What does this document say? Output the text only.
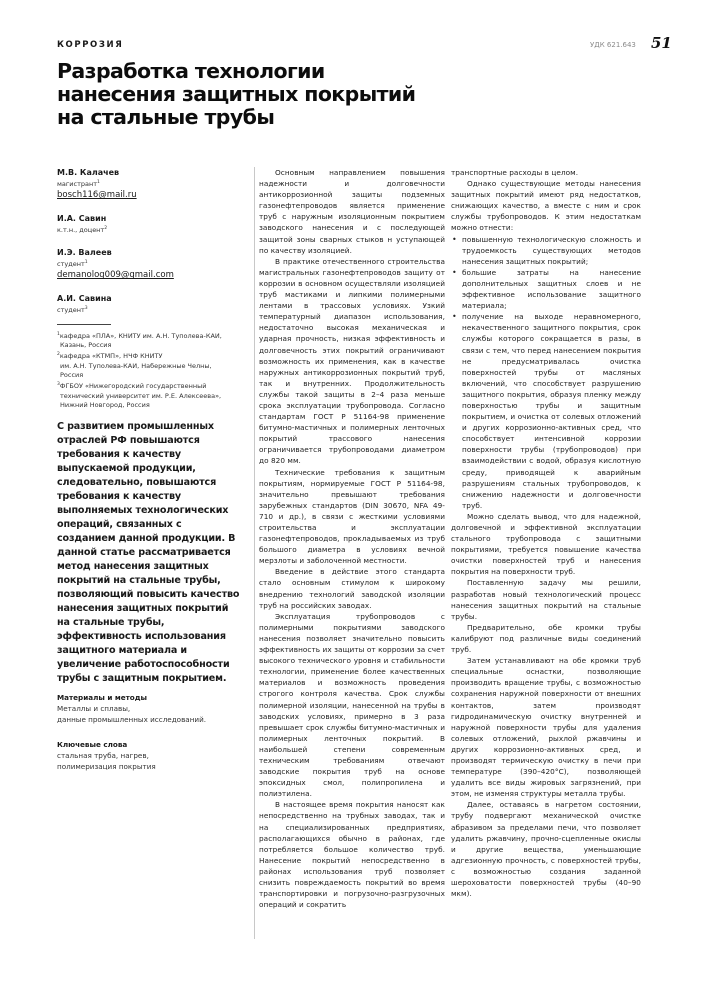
КОРРОЗИЯ	УДК 621.643 51
Разработка технологии
нанесения защитных покрытий
на стальные трубы
М.В. Калачев
магистрант$^1$
bosch116@mail.ru
И.А. Савин
к.т.н., доцент$^2$
И.Э. Валеев
студент$^1$
demanolog009@gmail.com
А.И. Савина
студент$^3$
$^1$кафедра «ПЛА», КНИТУ им. А.Н. Туполева-КАИ,
Казань, Россия
$^2$кафедра «КТМП», НЧФ КНИТУ
им. А.Н. Туполева-КАИ, Набережные Челны,
Россия
$^3$ФГБОУ «Нижегородский государственный
технический университет им. Р.Е. Алексеева»,
Нижний Новгород, Россия
С развитием промышленных отраслей РФ повышаются требования к качеству выпускаемой продукции, следовательно, повышаются требования к качеству выполняемых технологических операций, связанных с созданием данной продукции. В данной статье рассматривается метод нанесения защитных покрытий на стальные трубы, позволяющий повысить качество нанесения защитных покрытий на стальные трубы, эффективность использования защитного материала и увеличение работоспособности трубы с защитным покрытием.
Материалы и методы
Металлы и сплавы,
данные промышленных исследований.
Ключевые слова
стальная труба, нагрев,
полимеризация покрытия

Основным направлением повышения надежности и долговечности антикоррозионной защиты подземных газонефтепроводов является применение труб с наружным изоляционным покрытием заводского нанесения и с последующей защитой зоны сварных стыков н уступающей по качеству изоляцией.

В практике отечественного строительства магистральных газонефтепроводов защиту от коррозии в основном осуществляли изоляцией труб мастиками и липкими полимерными лентами в трассовых условиях. Узкий температурный диапазон использования, недостаточно высокая механическая и ударная прочность, низкая эффективность и долговечность этих покрытий ограничивают возможность их применения, как в качестве наружных антикоррозионных покрытий труб, так и внутренних. Продолжительность службы такой защиты в 2–4 раза меньше срока эксплуатации трубопровода. Согласно стандартам ГОСТ Р 51164-98 применение битумно-мастичных и полимерных ленточных покрытий трассового нанесения ограничивается трубопроводами диаметром до 820 мм.

Технические требования к защитным покрытиям, нормируемые ГОСТ Р 51164-98, значительно превышают требования зарубежных стандартов (DIN 30670, NFA 49-710 и др.), в связи с жесткими условиями строительства и эксплуатации газонефтепроводов, прокладываемых из труб большого диаметра в условиях вечной мерзлоты и заболоченной местности.

Введение в действие этого стандарта стало основным стимулом к широкому внедрению технологий заводской изоляции труб на российских заводах.

Эксплуатация трубопроводов с полимерными покрытиями заводского нанесения позволяет значительно повысить эффективность их защиты от коррозии за счет высокого технического уровня и стабильности технологии, применение более качественных материалов и возможность проведения строгого контроля качества. Срок службы полимерной изоляции, нанесенной на трубы в заводских условиях, примерно в 3 раза превышает срок службы битумно-мастичных и полимерных ленточных покрытий. В наибольшей степени современным техническим требованиям отвечают заводские покрытия труб на основе эпоксидных смол, полипропилена и полиэтилена.

В настоящее время покрытия наносят как непосредственно на трубных заводах, так и на специализированных предприятиях, располагающихся обычно в районах, где потребляется большое количество труб. Нанесение покрытий непосредственно в районах использования труб позволяет снизить повреждаемость покрытий во время транспортировки и погрузочно-разгрузочных операций и сократить

транспортные расходы в целом.

Однако существующие методы нанесения защитных покрытий имеют ряд недостатков, снижающих качество, а вместе с ним и срок службы трубопроводов. К этим недостаткам можно отнести:

• повышенную технологическую сложность и трудоемкость существующих методов нанесения защитных покрытий;
• большие затраты на нанесение дополнительных защитных слоев и не эффективное использование защитного материала;
• получение на выходе неравномерного, некачественного защитного покрытия, срок службы которого сокращается в разы, в связи с тем, что перед нанесением покрытия не предусматривалась очистка поверхностей трубы от масляных включений, что способствует разрушению защитного покрытия, образуя пленку между поверхностью трубы и защитным покрытием, и очистка от солевых отложений и других коррозионно-активных сред, что способствует интенсивной коррозии поверхности трубы (трубопроводов) при взаимодействии с водой, образуя кислотную среду, приводящей к аварийным разрушениям стальных трубопроводов, к снижению надежности и долговечности труб.

Можно сделать вывод, что для надежной, долговечной и эффективной эксплуатации стального трубопровода с защитными покрытиями, требуется повышение качества очистки поверхностей труб и нанесения покрытия на поверхности труб.

Поставленную задачу мы решили, разработав новый технологический процесс нанесения защитных покрытий на стальные трубы.

Предварительно, обе кромки трубы калибруют под различные виды соединений труб.

Затем устанавливают на обе кромки труб специальные оснастки, позволяющие производить вращение трубы, с возможностью сохранения наружной поверхности от внешних контактов, затем производят гидродинамическую очистку внутренней и наружной поверхности трубы для удаления солевых отложений, рыхлой ржавчины и других коррозионно-активных сред, и производят термическую очистку в печи при температуре (390–420°С), позволяющей удалить все виды жировых загрязнений, при этом, не изменяя структуры металла трубы.

Далее, оставаясь в нагретом состоянии, трубу подвергают механической очистке абразивом за пределами печи, что позволяет удалить ржавчину, прочно-сцепленные окислы и другие вещества, уменьшающие адгезионную прочность, с поверхностей трубы, с возможностью создания заданной шероховатости поверхностей трубы (40–90 мкм).
